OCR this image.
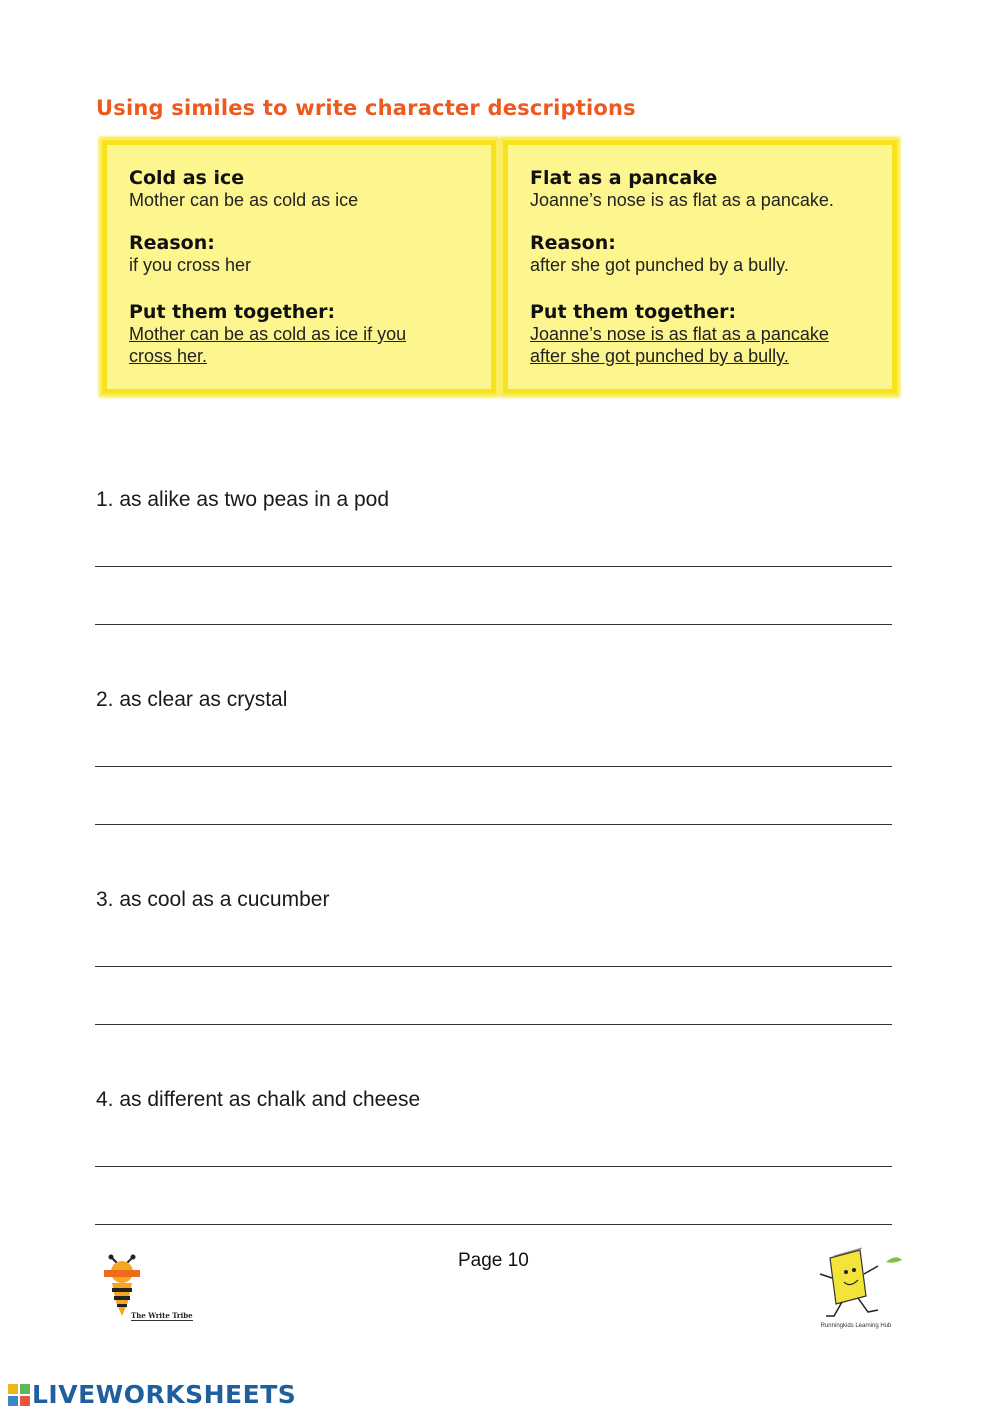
Using similes to write character descriptions
Cold as ice
Mother can be as cold as ice
Reason:
if you cross her
Put them together:
Mother can be as cold as ice if you
cross her.
Flat as a pancake
Joanne’s nose is as flat as a pancake.
Reason:
after she got punched by a bully.
Put them together:
Joanne’s nose is as flat as a pancake
after she got punched by a bully.
1. as alike as two peas in a pod
2. as clear as crystal
3. as cool as a cucumber
4. as different as chalk and cheese
Page 10
The Write Tribe
Runningkids Learning Hub
LIVEWORKSHEETS
